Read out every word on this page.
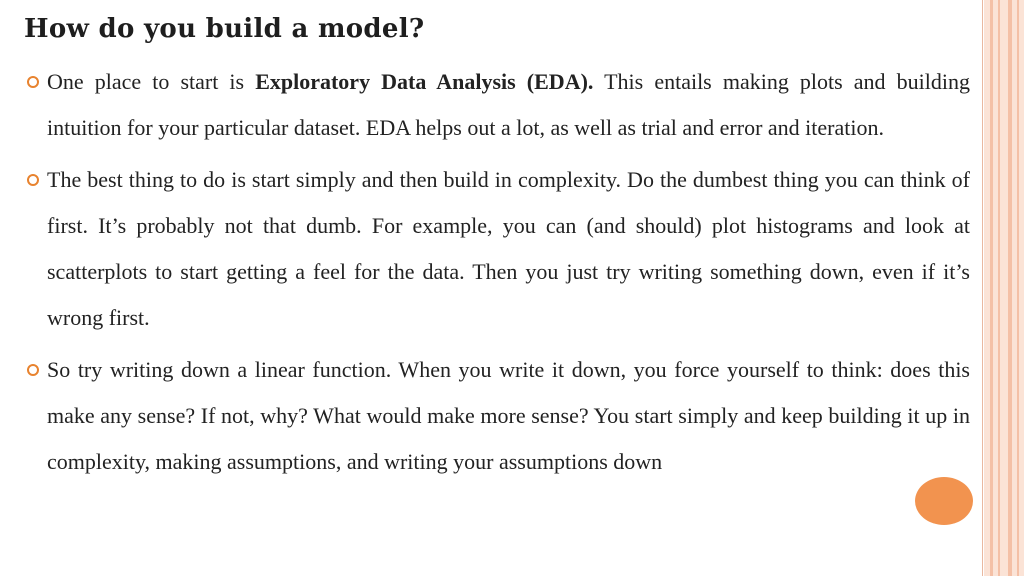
How do you build a model?
One place to start is Exploratory Data Analysis (EDA). This entails making plots and building intuition for your particular dataset. EDA helps out a lot, as well as trial and error and iteration.
The best thing to do is start simply and then build in complexity. Do the dumbest thing you can think of first. It’s probably not that dumb. For example, you can (and should) plot histograms and look at scatterplots to start getting a feel for the data. Then you just try writing something down, even if it’s wrong first.
So try writing down a linear function. When you write it down, you force yourself to think: does this make any sense? If not, why? What would make more sense? You start simply and keep building it up in complexity, making assumptions, and writing your assumptions down
